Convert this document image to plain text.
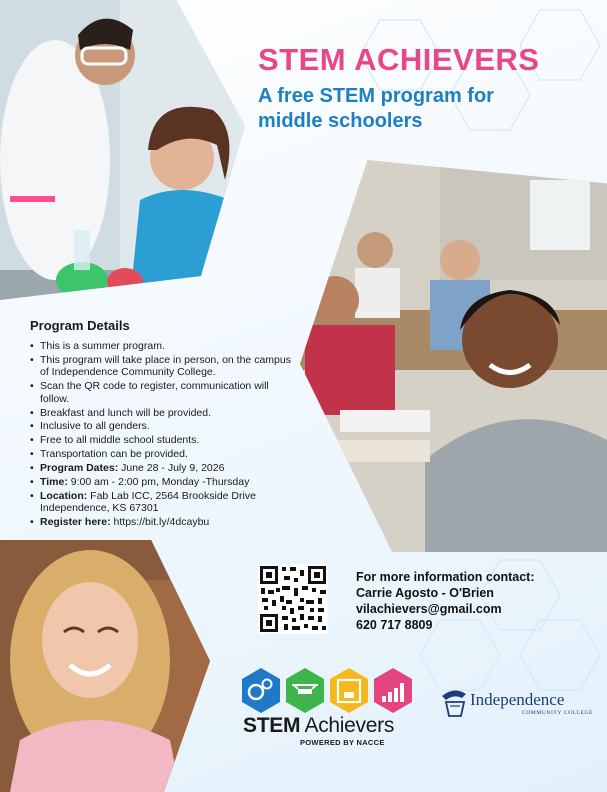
STEM ACHIEVERS
A free STEM program for middle schoolers
Program Details
• This is a summer program.
• This program will take place in person, on the campus of Independence Community College.
• Scan the QR code to register, communication will follow.
• Breakfast and lunch will be provided.
• Inclusive to all genders.
• Free to all middle school students.
• Transportation can be provided.
• Program Dates: June 28 - July 9, 2026
• Time: 9:00 am - 2:00 pm, Monday -Thursday
• Location: Fab Lab ICC, 2564 Brookside Drive Independence, KS 67301
• Register here: https://bit.ly/4dcaybu
For more information contact:
Carrie Agosto - O'Brien
vilachievers@gmail.com
620 717 8809
STEM Achievers
POWERED BY NACCE
Independence
COMMUNITY COLLEGE
